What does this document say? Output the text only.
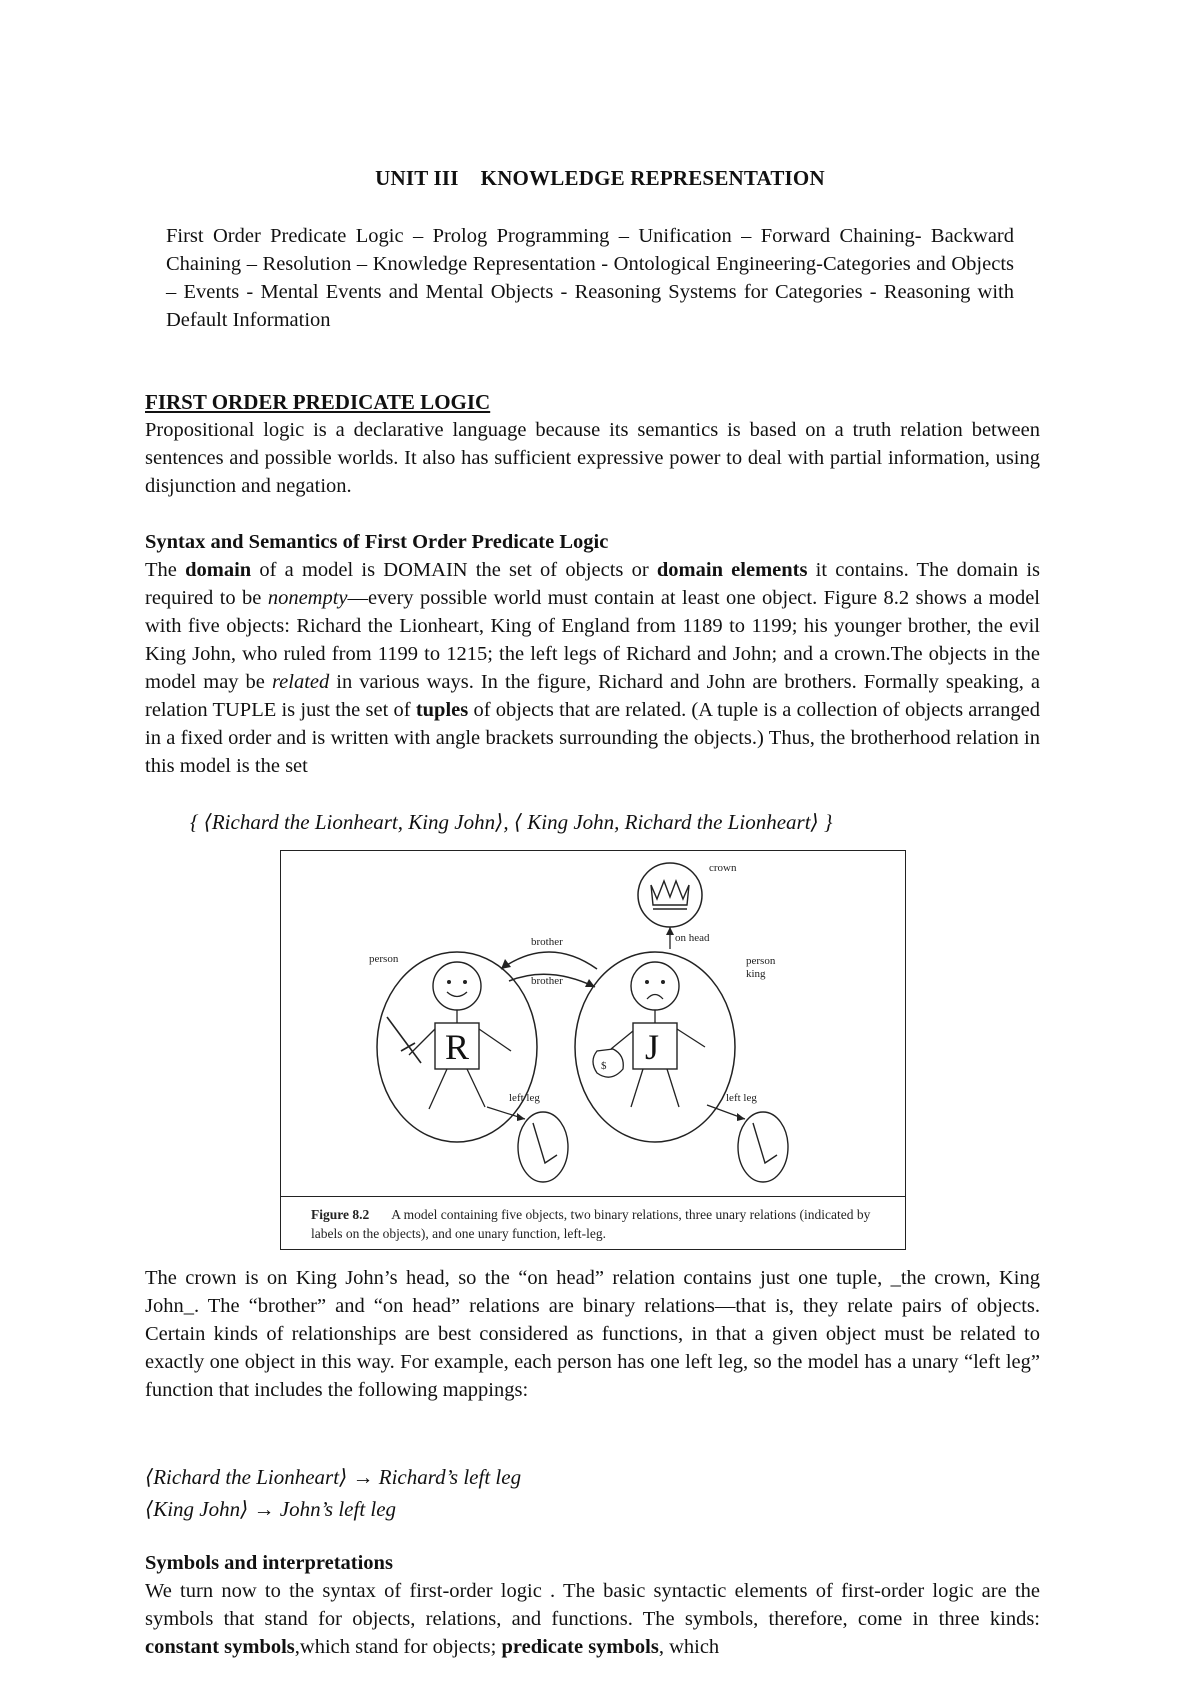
UNIT III KNOWLEDGE REPRESENTATION
First Order Predicate Logic – Prolog Programming – Unification – Forward Chaining- Backward Chaining – Resolution – Knowledge Representation - Ontological Engineering-Categories and Objects – Events - Mental Events and Mental Objects - Reasoning Systems for Categories - Reasoning with Default Information
FIRST ORDER PREDICATE LOGIC
Propositional logic is a declarative language because its semantics is based on a truth relation between sentences and possible worlds. It also has sufficient expressive power to deal with partial information, using disjunction and negation.
Syntax and Semantics of First Order Predicate Logic
The domain of a model is DOMAIN the set of objects or domain elements it contains. The domain is required to be nonempty—every possible world must contain at least one object. Figure 8.2 shows a model with five objects: Richard the Lionheart, King of England from 1189 to 1199; his younger brother, the evil King John, who ruled from 1199 to 1215; the left legs of Richard and John; and a crown.The objects in the model may be related in various ways. In the figure, Richard and John are brothers. Formally speaking, a relation TUPLE is just the set of tuples of objects that are related. (A tuple is a collection of objects arranged in a fixed order and is written with angle brackets surrounding the objects.) Thus, the brotherhood relation in this model is the set
{ ⟨Richard the Lionheart, King John⟩, ⟨ King John, Richard the Lionheart⟩ }
crown
on head
R
person
J
$
person
king
brother
brother
left leg	left leg
Figure 8.2 A model containing five objects, two binary relations, three unary relations (indicated by labels on the objects), and one unary function, left-leg.
The crown is on King John’s head, so the “on head” relation contains just one tuple, _the crown, King John_. The “brother” and “on head” relations are binary relations—that is, they relate pairs of objects. Certain kinds of relationships are best considered as functions, in that a given object must be related to exactly one object in this way. For example, each person has one left leg, so the model has a unary “left leg” function that includes the following mappings:
⟨Richard the Lionheart⟩ → Richard’s left leg
⟨King John⟩ → John’s left leg
Symbols and interpretations
We turn now to the syntax of first-order logic . The basic syntactic elements of first-order logic are the symbols that stand for objects, relations, and functions. The symbols, therefore, come in three kinds: constant symbols,which stand for objects; predicate symbols, which
